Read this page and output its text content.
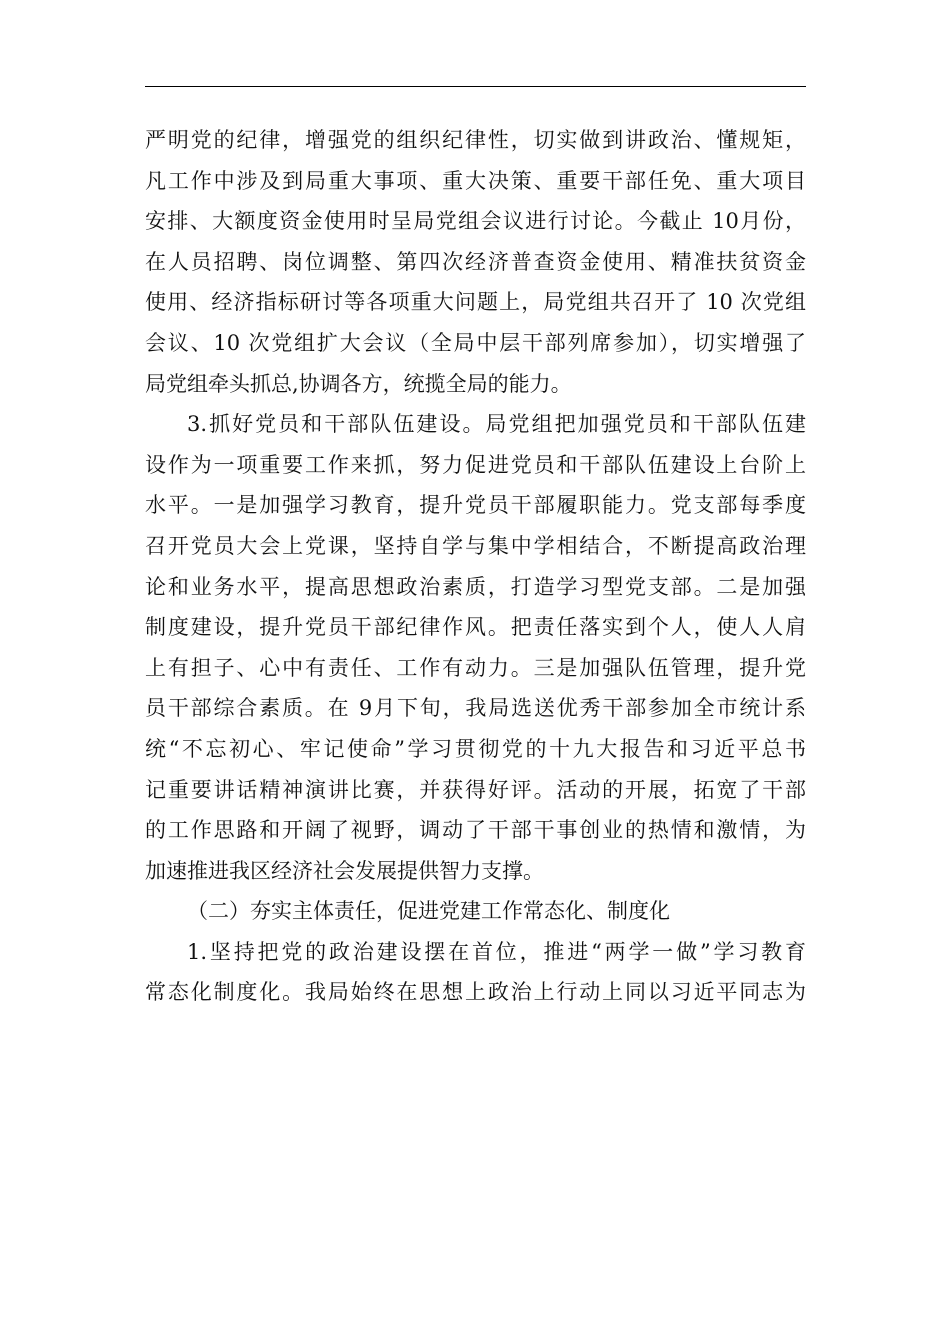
严明党的纪律，增强党的组织纪律性，切实做到讲政治、懂规矩，
凡工作中涉及到局重大事项、重大决策、重要干部任免、重大项目
安排、大额度资金使用时呈局党组会议进行讨论。今截止 10月份，
在人员招聘、岗位调整、第四次经济普查资金使用、精准扶贫资金
使用、经济指标研讨等各项重大问题上，局党组共召开了 10 次党组
会议、10 次党组扩大会议（全局中层干部列席参加），切实增强了
局党组牵头抓总,协调各方，统揽全局的能力。
3.抓好党员和干部队伍建设。局党组把加强党员和干部队伍建
设作为一项重要工作来抓，努力促进党员和干部队伍建设上台阶上
水平。一是加强学习教育，提升党员干部履职能力。党支部每季度
召开党员大会上党课，坚持自学与集中学相结合，不断提高政治理
论和业务水平，提高思想政治素质，打造学习型党支部。二是加强
制度建设，提升党员干部纪律作风。把责任落实到个人，使人人肩
上有担子、心中有责任、工作有动力。三是加强队伍管理，提升党
员干部综合素质。在 9月下旬，我局选送优秀干部参加全市统计系
统“不忘初心、牢记使命”学习贯彻党的十九大报告和习近平总书
记重要讲话精神演讲比赛，并获得好评。活动的开展，拓宽了干部
的工作思路和开阔了视野，调动了干部干事创业的热情和激情，为
加速推进我区经济社会发展提供智力支撑。
（二）夯实主体责任，促进党建工作常态化、制度化
1.坚持把党的政治建设摆在首位，推进“两学一做”学习教育
常态化制度化。我局始终在思想上政治上行动上同以习近平同志为
